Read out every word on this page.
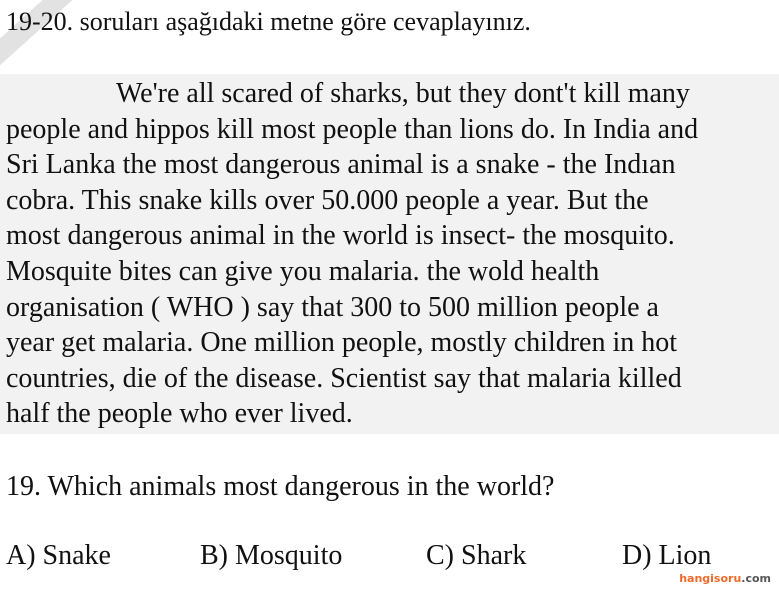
19-20. soruları aşağıdaki metne göre cevaplayınız.
We're all scared of sharks, but they dont't kill many
people and hippos kill most people than lions do. In India and
Sri Lanka the most dangerous animal is a snake - the Indıan
cobra. This snake kills over 50.000 people a year. But the
most dangerous animal in the world is insect- the mosquito.
Mosquite bites can give you malaria. the wold health
organisation ( WHO ) say that 300 to 500 million people a
year get malaria. One million people, mostly children in hot
countries, die of the disease. Scientist say that malaria killed
half the people who ever lived.
19. Which animals most dangerous in the world?
A) Snake	B) Mosquito	C) Shark	D) Lion
hangisoru.com
